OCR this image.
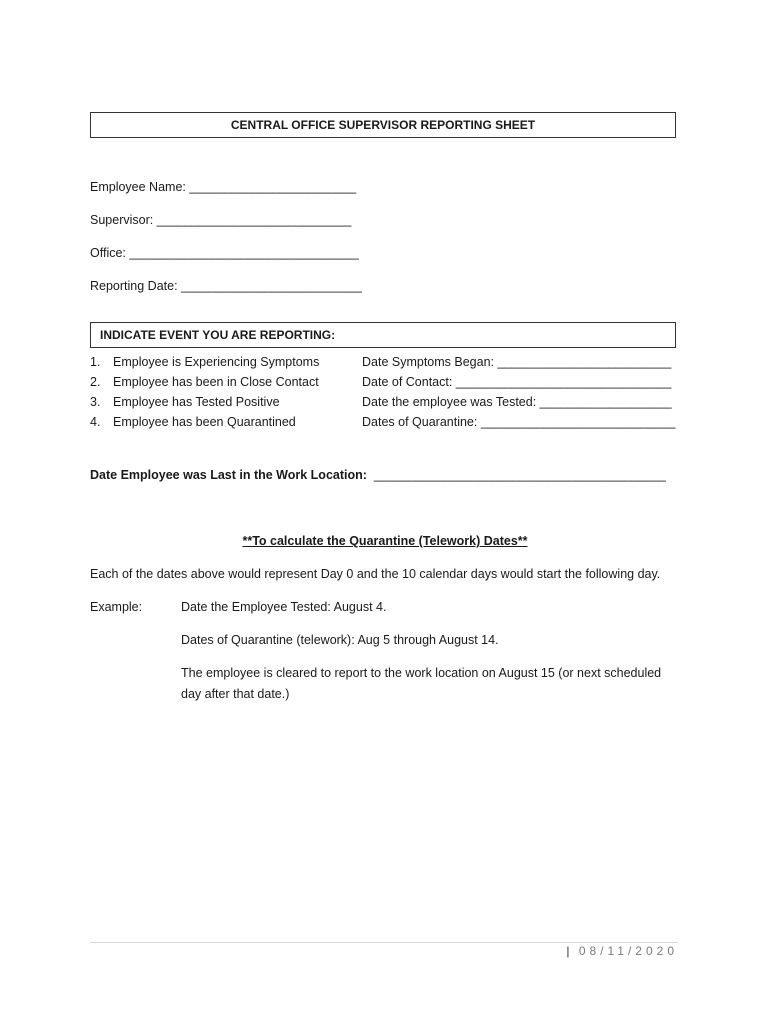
CENTRAL OFFICE SUPERVISOR REPORTING SHEET
Employee Name: ________________________
Supervisor: ____________________________
Office: _________________________________
Reporting Date: __________________________
INDICATE EVENT YOU ARE REPORTING:
1. Employee is Experiencing Symptoms	Date Symptoms Began: _________________________
2. Employee has been in Close Contact	Date of Contact: _______________________________
3. Employee has Tested Positive	Date the employee was Tested: ___________________
4. Employee has been Quarantined	Dates of Quarantine: ____________________________
Date Employee was Last in the Work Location: __________________________________________
**To calculate the Quarantine (Telework) Dates**
Each of the dates above would represent Day 0 and the 10 calendar days would start the following day.
Example:	Date the Employee Tested: August 4.
Dates of Quarantine (telework): Aug 5 through August 14.
The employee is cleared to report to the work location on August 15 (or next scheduled day after that date.)
| 08/11/2020
